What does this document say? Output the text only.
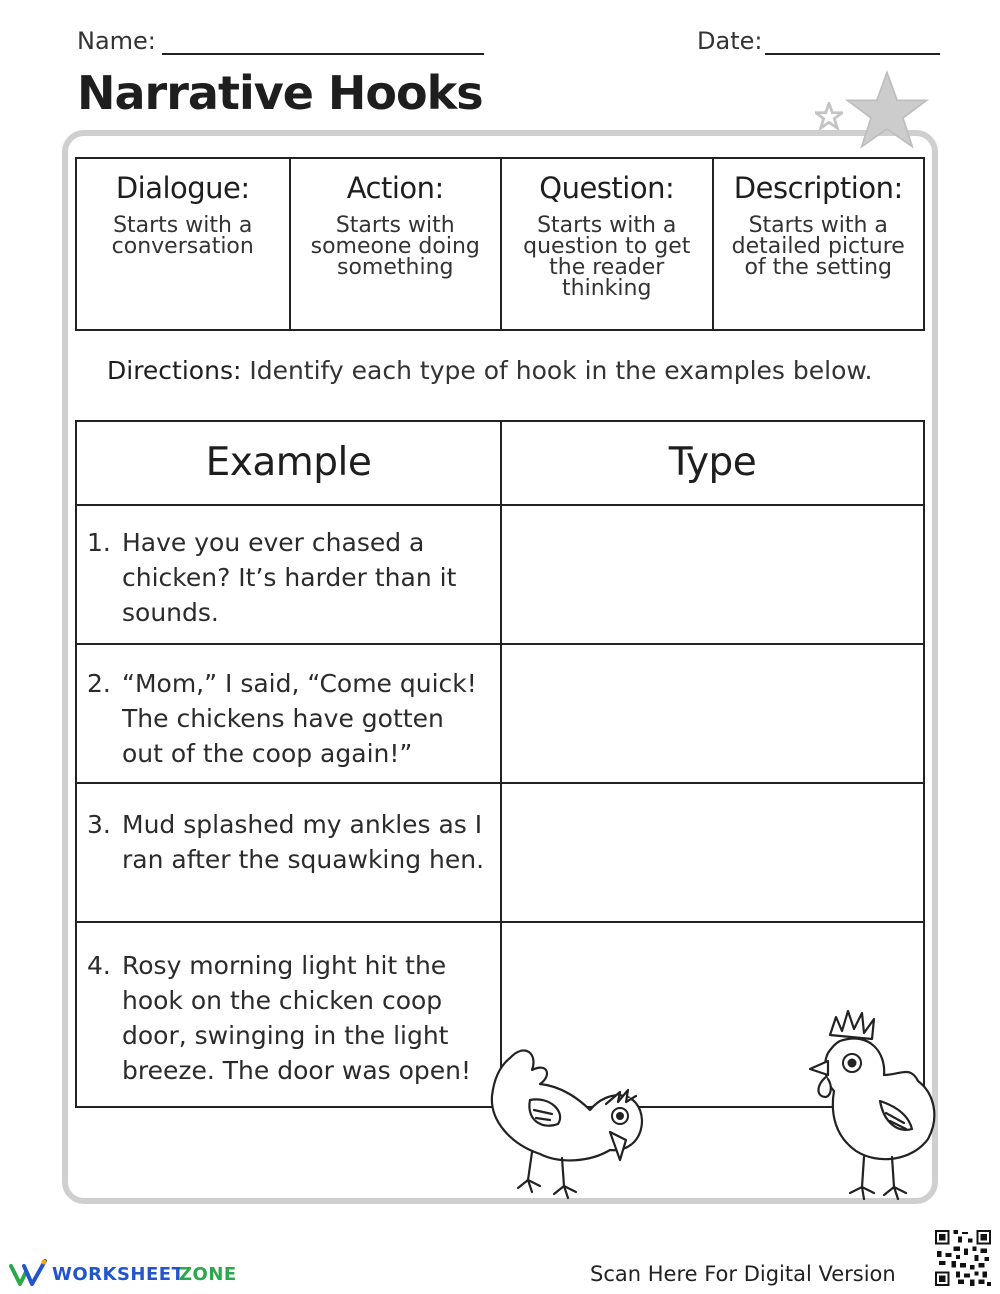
Name:	Date:
Narrative Hooks
Dialogue:
Starts with a conversation
Action:
Starts with someone doing something
Question:
Starts with a question to get the reader thinking
Description:
Starts with a detailed picture of the setting
Directions: Identify each type of hook in the examples below.
Example	Type
1. Have you ever chased a chicken? It’s harder than it sounds.
2. “Mom,” I said, “Come quick! The chickens have gotten out of the coop again!”
3. Mud splashed my ankles as I ran after the squawking hen.
4. Rosy morning light hit the hook on the chicken coop door, swinging in the light breeze. The door was open!
WORKSHEET
ZONE	Scan Here For Digital Version
